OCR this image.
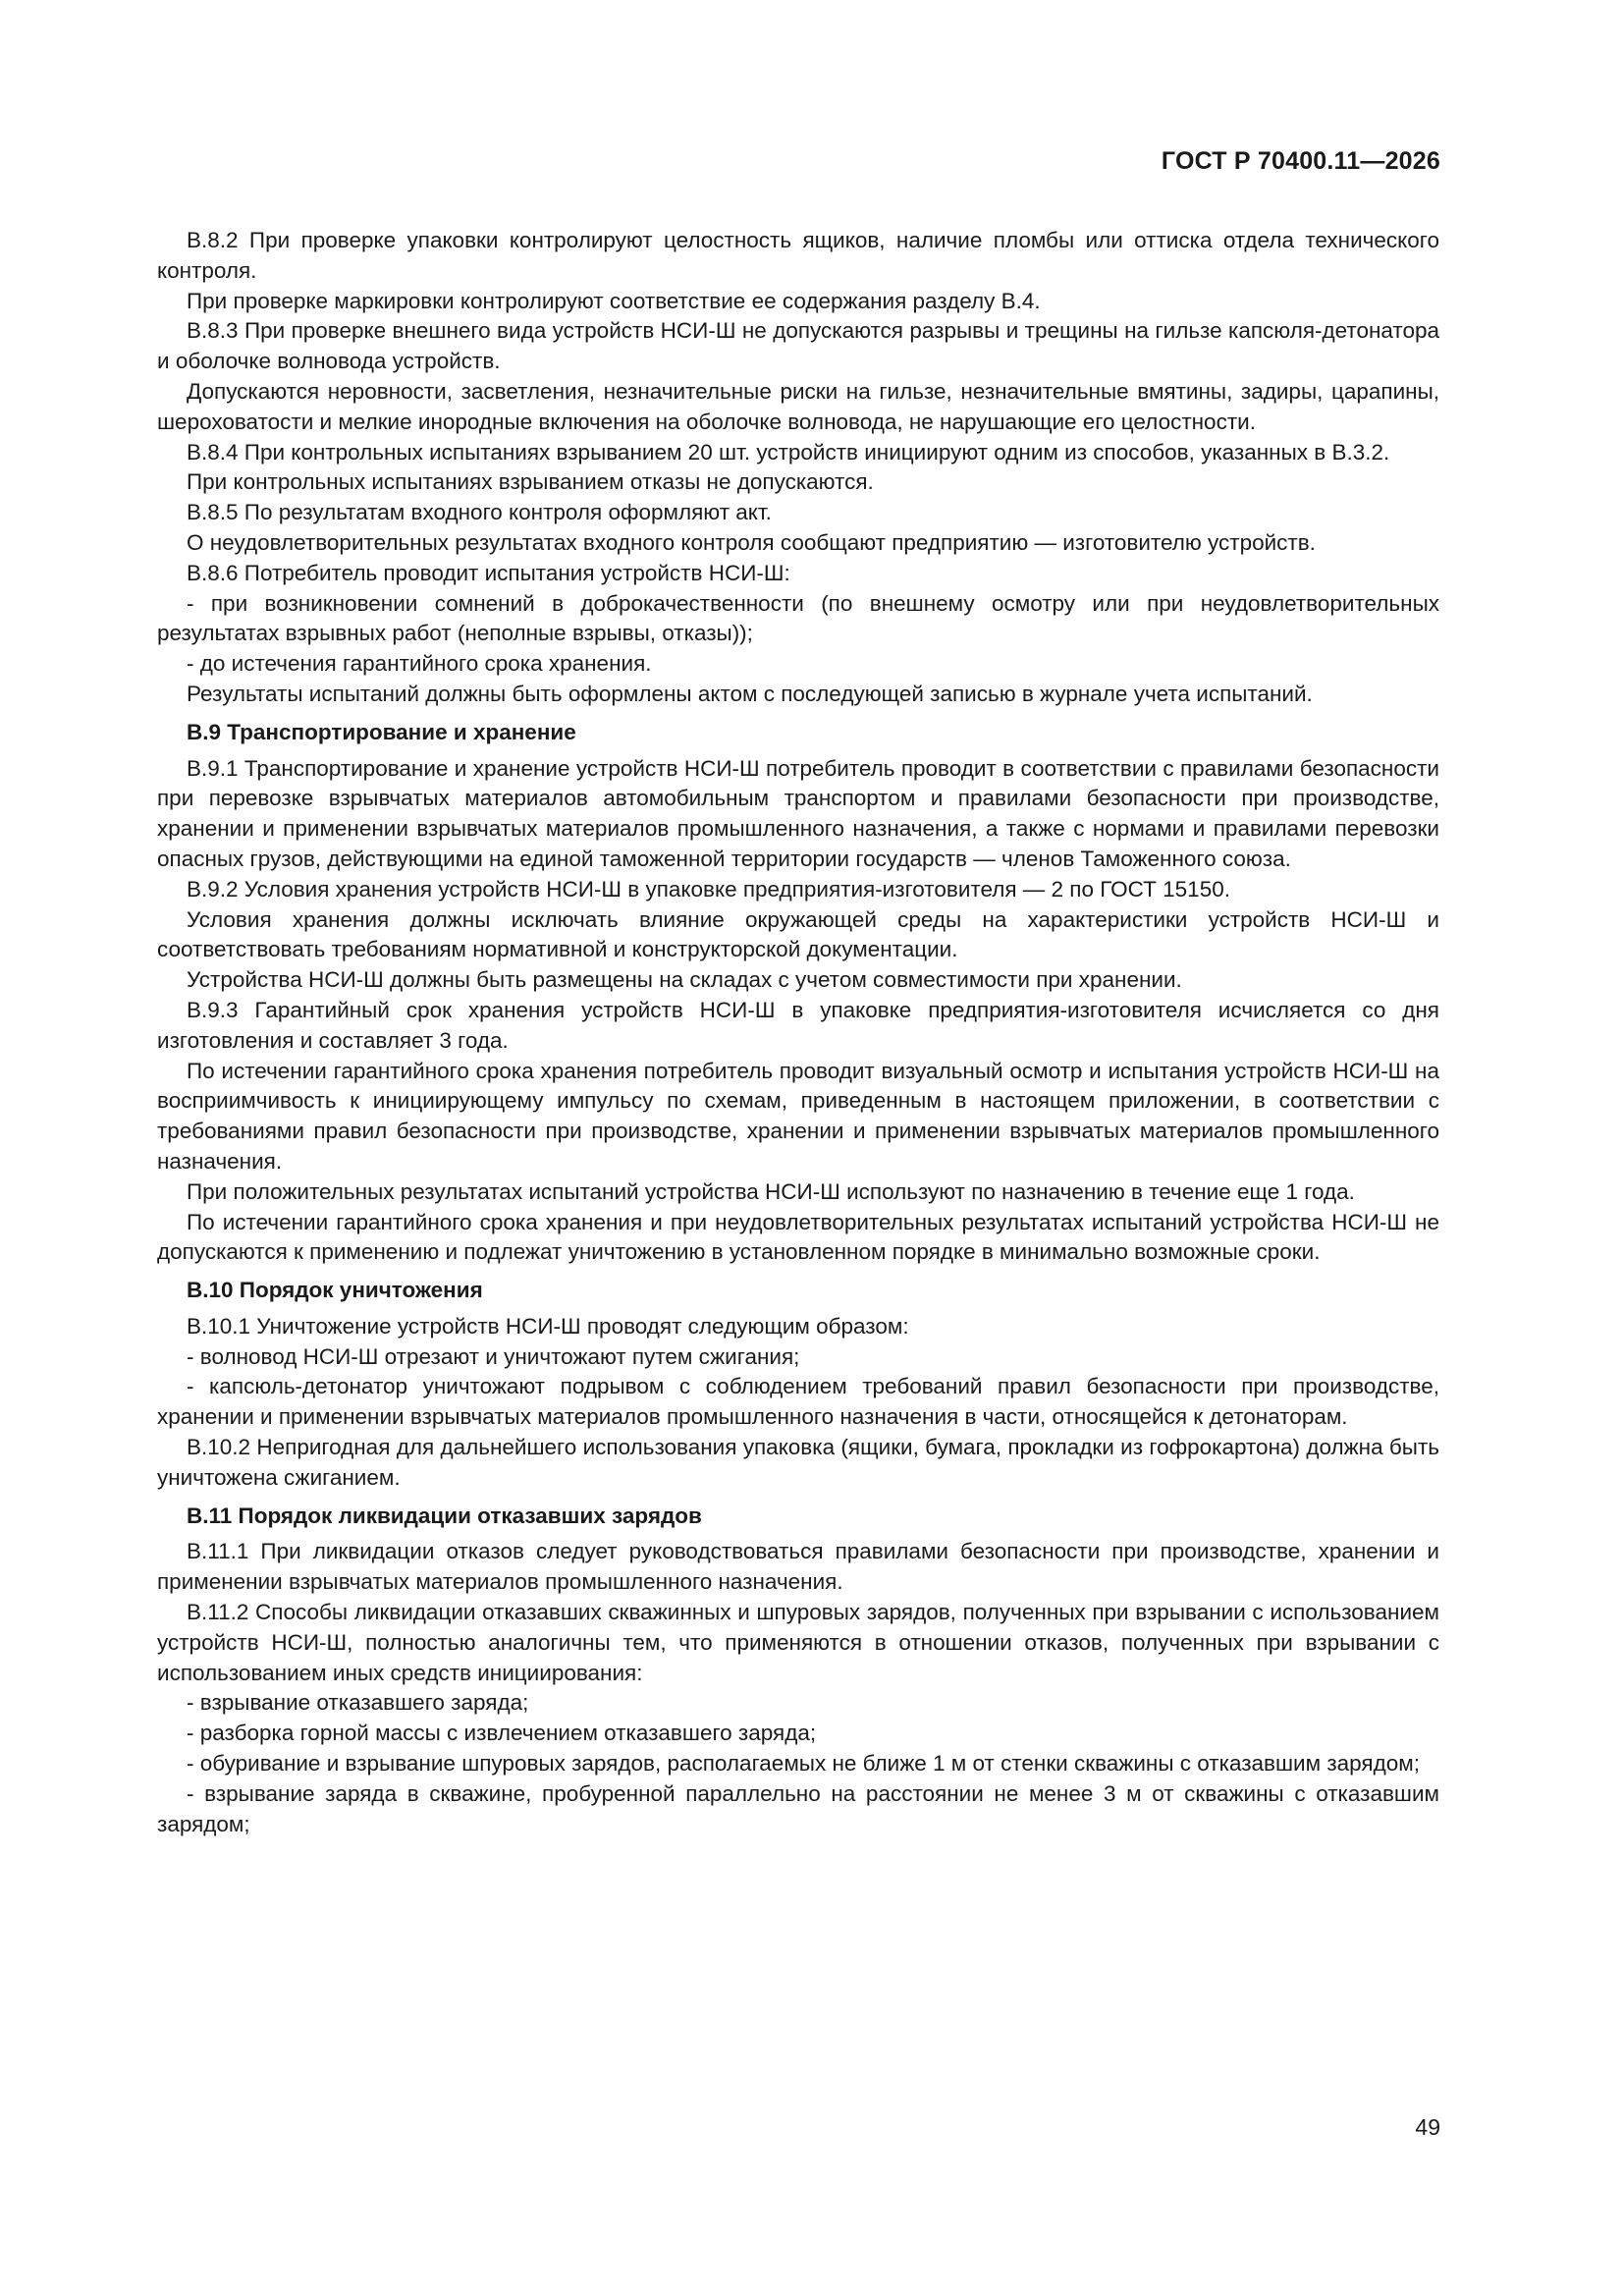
ГОСТ Р 70400.11—2026

В.8.2 При проверке упаковки контролируют целостность ящиков, наличие пломбы или оттиска отдела технического контроля.

При проверке маркировки контролируют соответствие ее содержания разделу В.4.

В.8.3 При проверке внешнего вида устройств НСИ-Ш не допускаются разрывы и трещины на гильзе капсюля-детонатора и оболочке волновода устройств.

Допускаются неровности, засветления, незначительные риски на гильзе, незначительные вмятины, задиры, царапины, шероховатости и мелкие инородные включения на оболочке волновода, не нарушающие его целостности.

В.8.4 При контрольных испытаниях взрыванием 20 шт. устройств инициируют одним из способов, указанных в В.3.2.

При контрольных испытаниях взрыванием отказы не допускаются.

В.8.5 По результатам входного контроля оформляют акт.

О неудовлетворительных результатах входного контроля сообщают предприятию — изготовителю устройств.

В.8.6 Потребитель проводит испытания устройств НСИ-Ш:

- при возникновении сомнений в доброкачественности (по внешнему осмотру или при неудовлетворительных результатах взрывных работ (неполные взрывы, отказы));

- до истечения гарантийного срока хранения.

Результаты испытаний должны быть оформлены актом с последующей записью в журнале учета испытаний.

В.9 Транспортирование и хранение

В.9.1 Транспортирование и хранение устройств НСИ-Ш потребитель проводит в соответствии с правилами безопасности при перевозке взрывчатых материалов автомобильным транспортом и правилами безопасности при производстве, хранении и применении взрывчатых материалов промышленного назначения, а также с нормами и правилами перевозки опасных грузов, действующими на единой таможенной территории государств — членов Таможенного союза.

В.9.2 Условия хранения устройств НСИ-Ш в упаковке предприятия-изготовителя — 2 по ГОСТ 15150.

Условия хранения должны исключать влияние окружающей среды на характеристики устройств НСИ-Ш и соответствовать требованиям нормативной и конструкторской документации.

Устройства НСИ-Ш должны быть размещены на складах с учетом совместимости при хранении.

В.9.3 Гарантийный срок хранения устройств НСИ-Ш в упаковке предприятия-изготовителя исчисляется со дня изготовления и составляет 3 года.

По истечении гарантийного срока хранения потребитель проводит визуальный осмотр и испытания устройств НСИ-Ш на восприимчивость к инициирующему импульсу по схемам, приведенным в настоящем приложении, в соответствии с требованиями правил безопасности при производстве, хранении и применении взрывчатых материалов промышленного назначения.

При положительных результатах испытаний устройства НСИ-Ш используют по назначению в течение еще 1 года.

По истечении гарантийного срока хранения и при неудовлетворительных результатах испытаний устройства НСИ-Ш не допускаются к применению и подлежат уничтожению в установленном порядке в минимально возможные сроки.

В.10 Порядок уничтожения

В.10.1 Уничтожение устройств НСИ-Ш проводят следующим образом:

- волновод НСИ-Ш отрезают и уничтожают путем сжигания;

- капсюль-детонатор уничтожают подрывом с соблюдением требований правил безопасности при производстве, хранении и применении взрывчатых материалов промышленного назначения в части, относящейся к детонаторам.

В.10.2 Непригодная для дальнейшего использования упаковка (ящики, бумага, прокладки из гофрокартона) должна быть уничтожена сжиганием.

В.11 Порядок ликвидации отказавших зарядов

В.11.1 При ликвидации отказов следует руководствоваться правилами безопасности при производстве, хранении и применении взрывчатых материалов промышленного назначения.

В.11.2 Способы ликвидации отказавших скважинных и шпуровых зарядов, полученных при взрывании с использованием устройств НСИ-Ш, полностью аналогичны тем, что применяются в отношении отказов, полученных при взрывании с использованием иных средств инициирования:

- взрывание отказавшего заряда;

- разборка горной массы с извлечением отказавшего заряда;

- обуривание и взрывание шпуровых зарядов, располагаемых не ближе 1 м от стенки скважины с отказавшим зарядом;

- взрывание заряда в скважине, пробуренной параллельно на расстоянии не менее 3 м от скважины с отказавшим зарядом;

49
